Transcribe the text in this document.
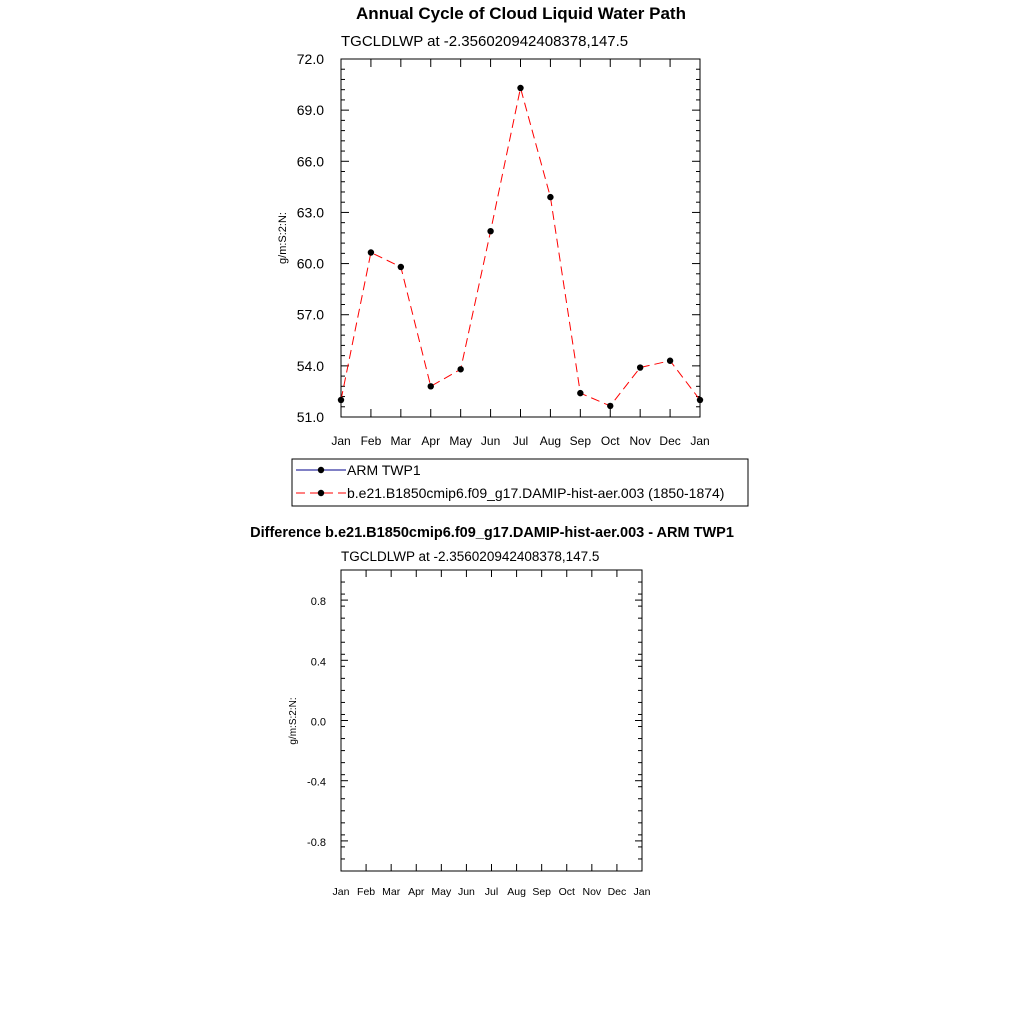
Annual Cycle of Cloud Liquid Water Path
TGCLDLWP at -2.356020942408378,147.5
g/m:S:2:N:
51.0
54.0
57.0
60.0
63.0
66.0
69.0
72.0
Jan Feb Mar Apr May Jun Jul Aug Sep Oct Nov Dec Jan
ARM TWP1
b.e21.B1850cmip6.f09_g17.DAMIP-hist-aer.003 (1850-1874)
Difference b.e21.B1850cmip6.f09_g17.DAMIP-hist-aer.003 - ARM TWP1
TGCLDLWP at -2.356020942408378,147.5
g/m:S:2:N:
-0.8
-0.4
0.0
0.4
0.8
Jan Feb Mar Apr May Jun Jul Aug Sep Oct Nov Dec Jan
